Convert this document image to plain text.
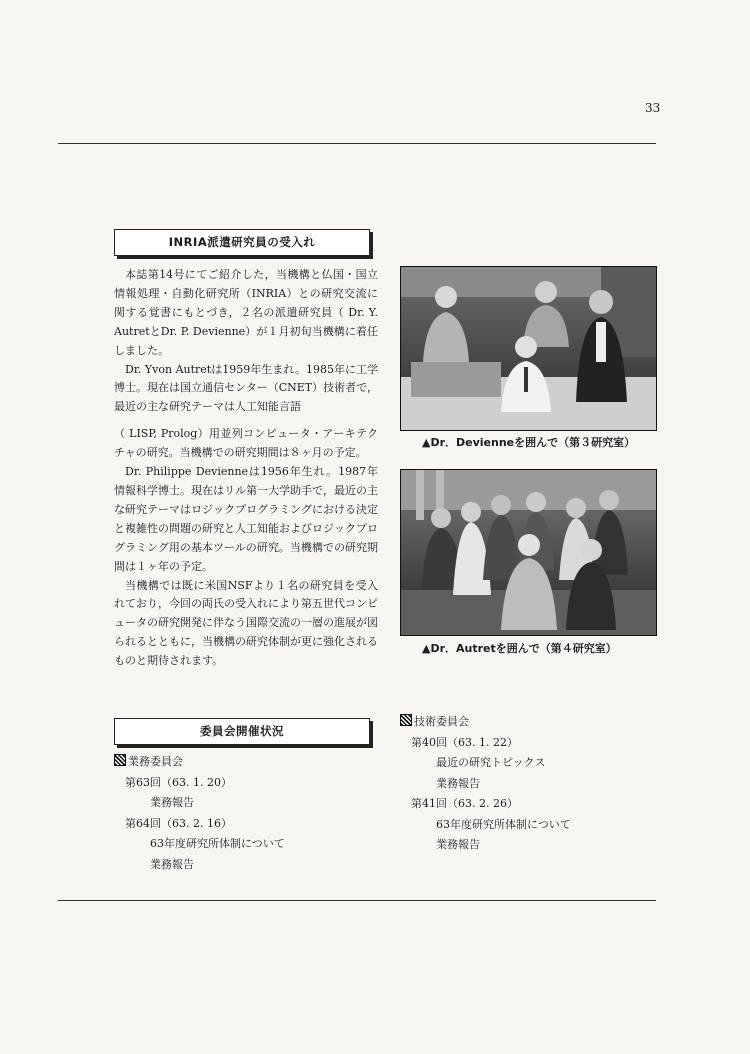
33
INRIA派遣研究員の受入れ

本誌第14号にてご紹介した，当機構と仏国・国立情報処理・自動化研究所（INRIA）との研究交流に関する覚書にもとづき，２名の派遣研究員（ Dr. Y. AutretとDr. P. Devienne）が１月初旬当機構に着任しました。

Dr. Yvon Autretは1959年生まれ。1985年に工学博士。現在は国立通信センター（CNET）技術者で，最近の主な研究テーマは人工知能言語

（ LISP, Prolog）用並列コンピュータ・アーキテクチャの研究。当機構での研究期間は８ヶ月の予定。

Dr. Philippe Devienneは1956年生れ。1987年情報科学博士。現在はリル第一大学助手で，最近の主な研究テーマはロジックプログラミングにおける決定と複雑性の問題の研究と人工知能およびロジックプログラミング用の基本ツールの研究。当機構での研究期間は１ヶ年の予定。

当機構では既に米国NSFより１名の研究員を受入れており，今回の両氏の受入れにより第五世代コンピュータの研究開発に伴なう国際交流の一層の進展が図られるとともに，当機構の研究体制が更に強化されるものと期待されます。

▲Dr．Devienneを囲んで（第３研究室）
▲Dr．Autretを囲んで（第４研究室）
委員会開催状況
業務委員会
第63回（63. 1. 20）
業務報告
第64回（63. 2. 16）
63年度研究所体制について
業務報告
技術委員会
第40回（63. 1. 22）
最近の研究トピックス
業務報告
第41回（63. 2. 26）
63年度研究所体制について
業務報告
